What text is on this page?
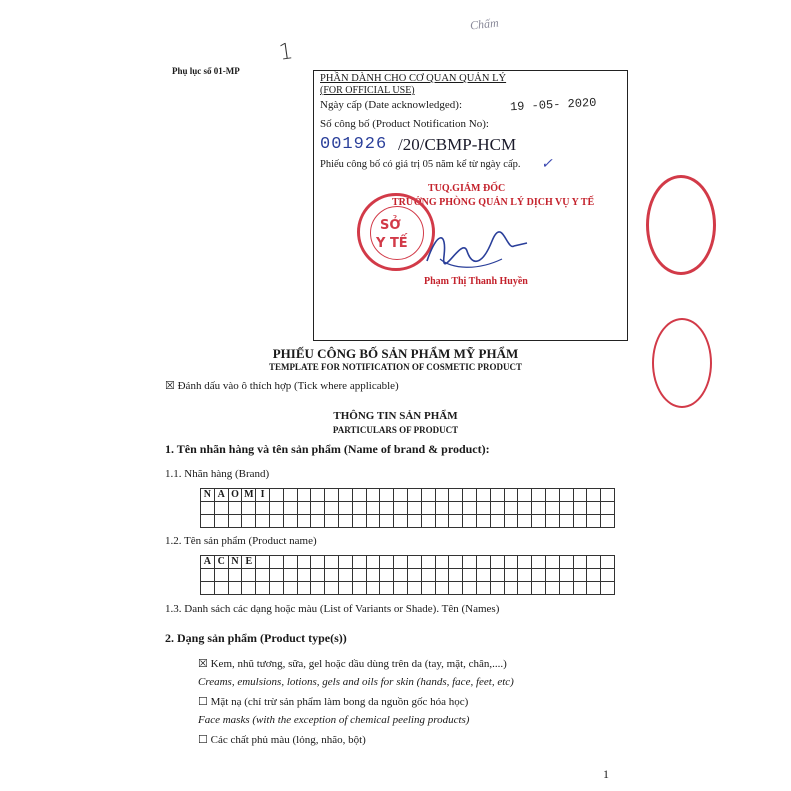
Phụ lục số 01-MP
1
Chấm
PHẦN DÀNH CHO CƠ QUAN QUẢN LÝ
(FOR OFFICIAL USE)
Ngày cấp (Date acknowledged):	19 -05- 2020
Số công bố (Product Notification No):
001926 /20/CBMP-HCM
Phiếu công bố có giá trị 05 năm kể từ ngày cấp. ✓
TUQ.GIÁM ĐỐC
TRƯỞNG PHÒNG QUẢN LÝ DỊCH VỤ Y TẾ
SỞ
Y TẾ
Phạm Thị Thanh Huyền
PHIẾU CÔNG BỐ SẢN PHẨM MỸ PHẨM
TEMPLATE FOR NOTIFICATION OF COSMETIC PRODUCT
☒ Đánh dấu vào ô thích hợp (Tick where applicable)
THÔNG TIN SẢN PHẨM
PARTICULARS OF PRODUCT
1. Tên nhãn hàng và tên sản phẩm (Name of brand & product):
1.1. Nhãn hàng (Brand)
N	A	O	M	I																									

1.2. Tên sản phẩm (Product name)
A	C	N	E																										

1.3. Danh sách các dạng hoặc màu (List of Variants or Shade). Tên (Names)
2. Dạng sản phẩm (Product type(s))
☒ Kem, nhũ tương, sữa, gel hoặc dầu dùng trên da (tay, mặt, chân,....)
Creams, emulsions, lotions, gels and oils for skin (hands, face, feet, etc)
☐ Mặt nạ (chỉ trừ sản phẩm làm bong da nguồn gốc hóa học)
Face masks (with the exception of chemical peeling products)
☐ Các chất phủ màu (lỏng, nhão, bột)
1
